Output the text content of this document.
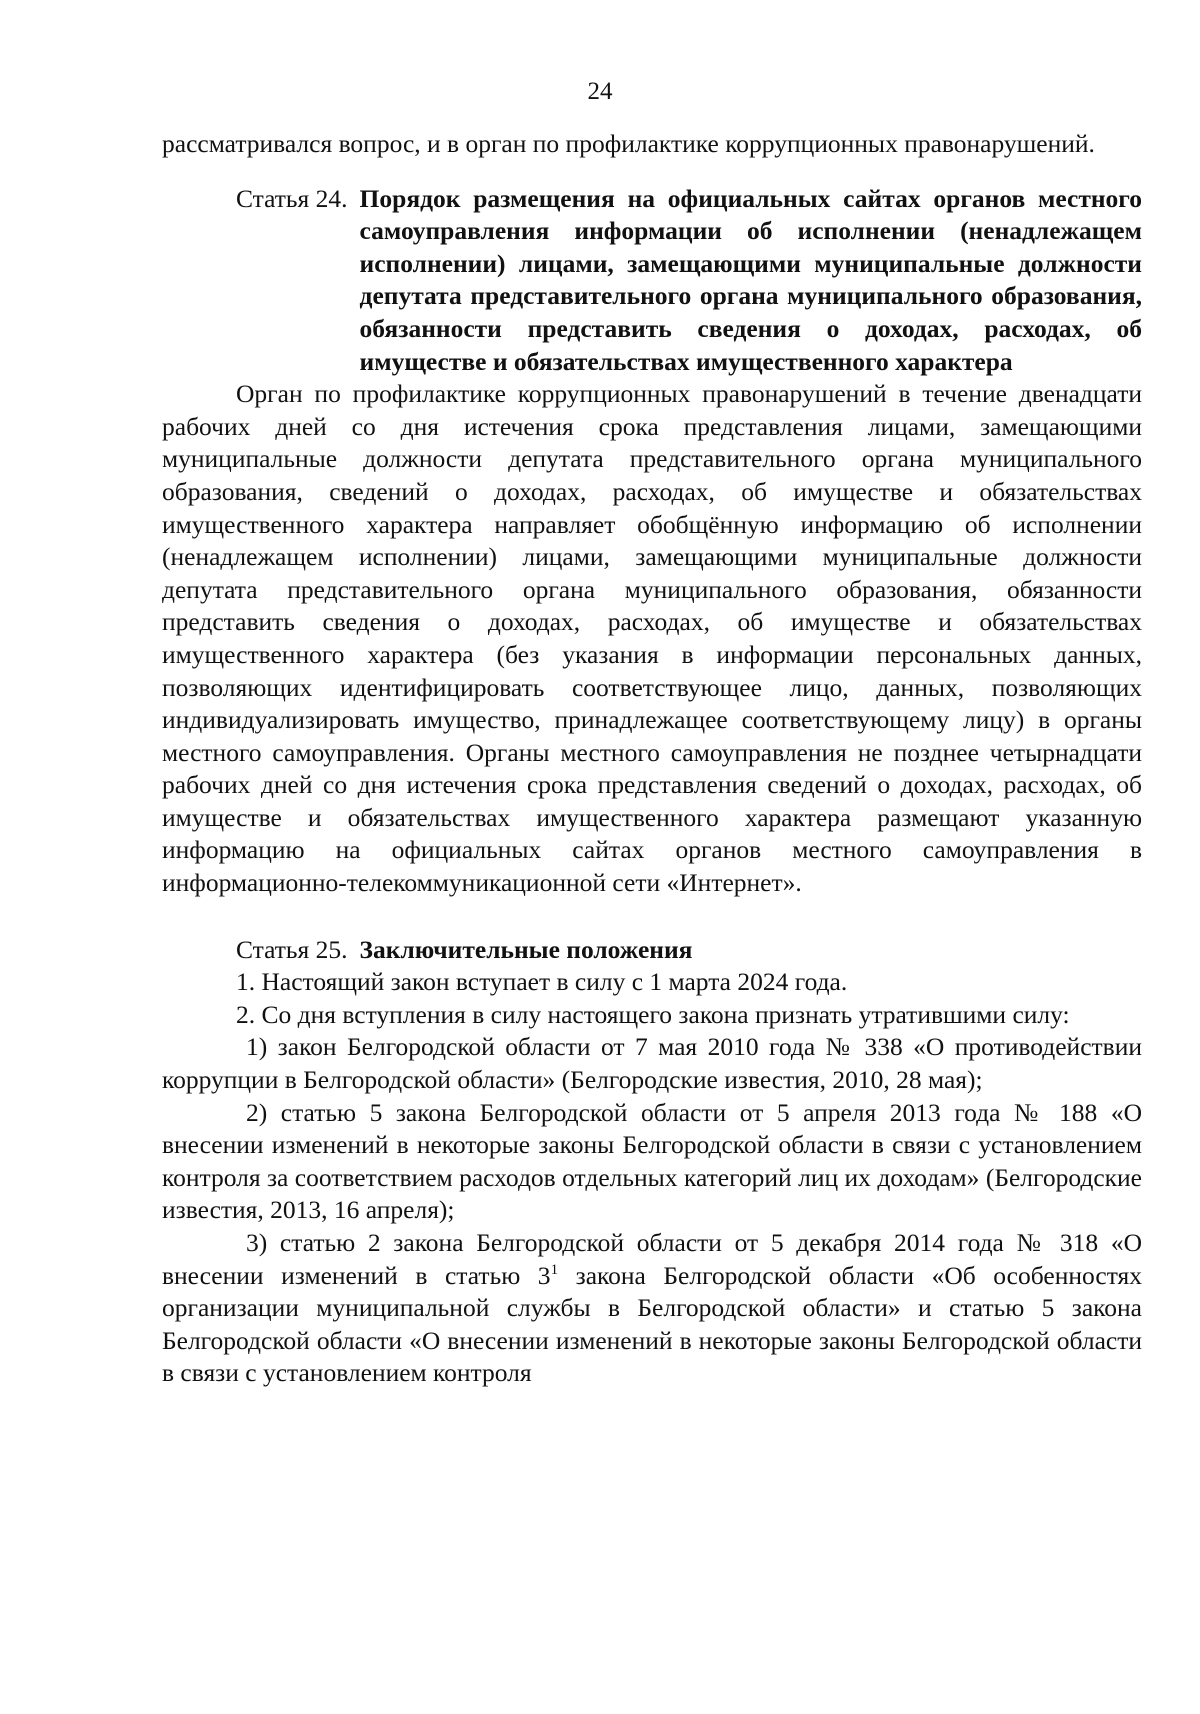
24

рассматривался вопрос, и в орган по профилактике коррупционных правонарушений.

Статья 24. Порядок размещения на официальных сайтах органов местного самоуправления информации об исполнении (ненадлежащем исполнении) лицами, замещающими муниципальные должности депутата представительного органа муниципального образования, обязанности представить сведения о доходах, расходах, об имуществе и обязательствах имущественного характера

Орган по профилактике коррупционных правонарушений в течение двенадцати рабочих дней со дня истечения срока представления лицами, замещающими муниципальные должности депутата представительного органа муниципального образования, сведений о доходах, расходах, об имуществе и обязательствах имущественного характера направляет обобщённую информацию об исполнении (ненадлежащем исполнении) лицами, замещающими муниципальные должности депутата представительного органа муниципального образования, обязанности представить сведения о доходах, расходах, об имуществе и обязательствах имущественного характера (без указания в информации персональных данных, позволяющих идентифицировать соответствующее лицо, данных, позволяющих индивидуализировать имущество, принадлежащее соответствующему лицу) в органы местного самоуправления. Органы местного самоуправления не позднее четырнадцати рабочих дней со дня истечения срока представления сведений о доходах, расходах, об имуществе и обязательствах имущественного характера размещают указанную информацию на официальных сайтах органов местного самоуправления в информационно-телекоммуникационной сети «Интернет».

Статья 25. Заключительные положения

1. Настоящий закон вступает в силу с 1 марта 2024 года.

2. Со дня вступления в силу настоящего закона признать утратившими силу:

1) закон Белгородской области от 7 мая 2010 года № 338 «О противодействии коррупции в Белгородской области» (Белгородские известия, 2010, 28 мая);

2) статью 5 закона Белгородской области от 5 апреля 2013 года № 188 «О внесении изменений в некоторые законы Белгородской области в связи с установлением контроля за соответствием расходов отдельных категорий лиц их доходам» (Белгородские известия, 2013, 16 апреля);

3) статью 2 закона Белгородской области от 5 декабря 2014 года № 318 «О внесении изменений в статью $3^1$ закона Белгородской области «Об особенностях организации муниципальной службы в Белгородской области» и статью 5 закона Белгородской области «О внесении изменений в некоторые законы Белгородской области в связи с установлением контроля
